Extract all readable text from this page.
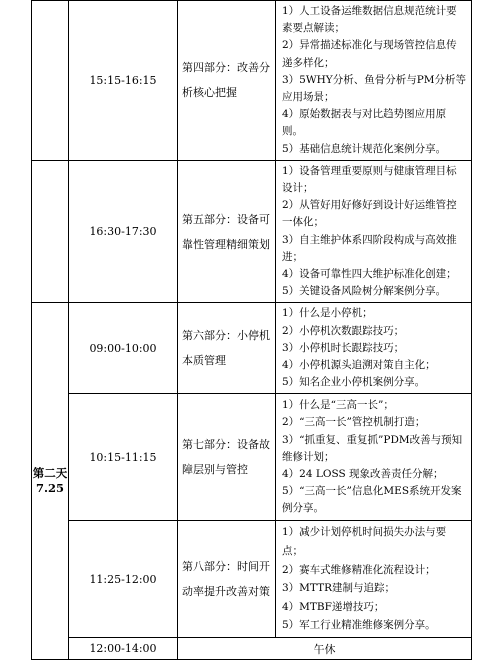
	15:15-16:15	第四部分：改善分析核心把握	1）人工设备运维数据信息规范统计要素要点解读；
2）异常描述标准化与现场管控信息传递多样化；
3）5WHY分析、鱼骨分析与PM分析等应用场景；
4）原始数据表与对比趋势图应用原则。
5）基础信息统计规范化案例分享。

	16:30-17:30	第五部分：设备可靠性管理精细策划	1）设备管理重要原则与健康管理目标设计；
2）从管好用好修好到设计好运维管控一体化；
3）自主维护体系四阶段构成与高效推进；
4）设备可靠性四大维护标准化创建；
5）关键设备风险树分解案例分享。

第二天
7.25	09:00-10:00	第六部分：小停机本质管理	1）什么是小停机；
2）小停机次数跟踪技巧；
3）小停机时长跟踪技巧；
4）小停机源头追溯对策自主化；
5）知名企业小停机案例分享。

	10:15-11:15	第七部分：设备故障层别与管控	1）什么是“三高一长”；
2）“三高一长”管控机制打造；
3）“抓重复、重复抓”PDM改善与预知维修计划；
4）24 LOSS 现象改善责任分解；
5）“三高一长”信息化MES系统开发案例分享。

	11:25-12:00	第八部分：时间开动率提升改善对策	1）减少计划停机时间损失办法与要点；
2）赛车式维修精准化流程设计；
3）MTTR建制与追踪；
4）MTBF递增技巧；
5）军工行业精准维修案例分享。

	12:00-14:00	午休	
